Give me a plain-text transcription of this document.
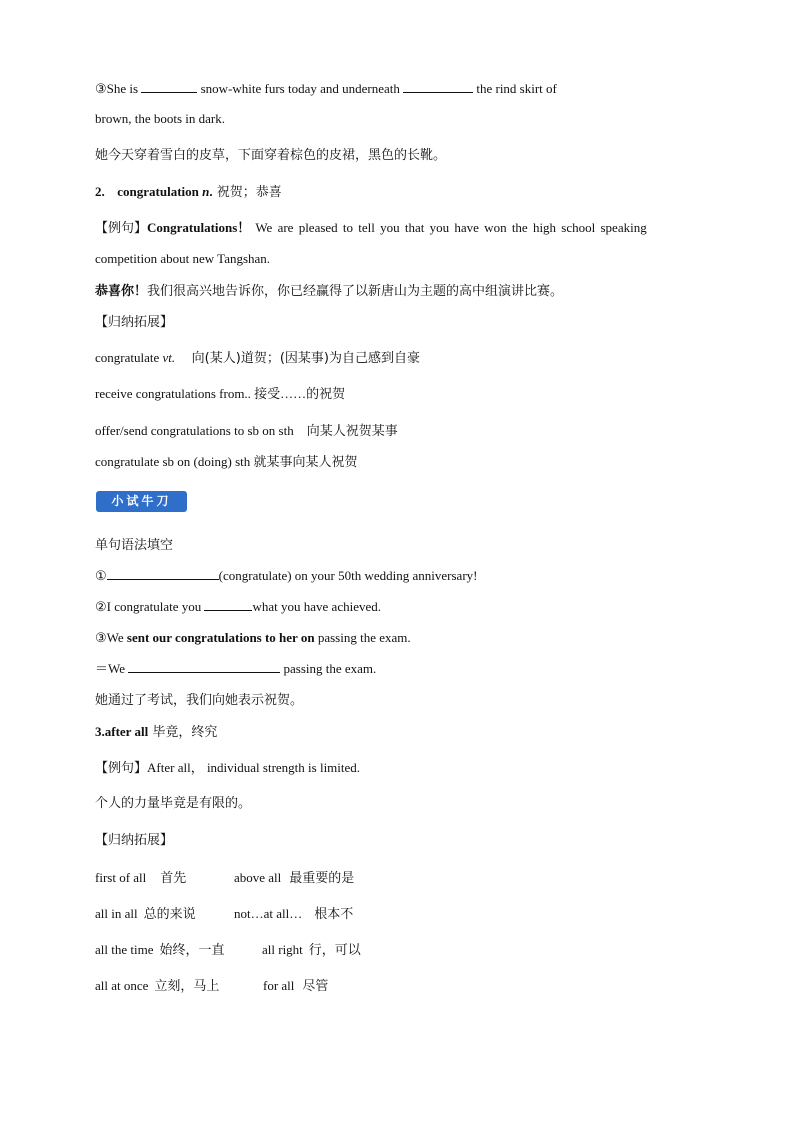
③She is	snow-white furs today and underneath	the rind skirt of
brown, the boots in dark.
她今天穿着雪白的皮草，下面穿着棕色的皮裙，黑色的长靴。
2. congratulation n. 祝贺；恭喜
【例句】Congratulations！ We are pleased to tell you that you have won the high school speaking
competition about new Tangshan.
恭喜你！我们很高兴地告诉你，你已经赢得了以新唐山为主题的高中组演讲比赛。
【归纳拓展】
congratulate vt.    向(某人)道贺；(因某事)为自己感到自豪
receive congratulations from.. 接受……的祝贺
offer/send congratulations to sb on sth    向某人祝贺某事
congratulate sb on (doing) sth 就某事向某人祝贺
小试牛刀
单句语法填空
①	(congratulate) on your 50th wedding anniversary!
②I congratulate you	what you have achieved.
③We sent our congratulations to her on passing the exam.
＝We	passing the exam.
她通过了考试，我们向她表示祝贺。
3.after all 毕竟，终究
【例句】After all， individual strength is limited.
个人的力量毕竟是有限的。
【归纳拓展】
first of all 首先	above all 最重要的是
all in all 总的来说	not…at all… 根本不
all the time 始终，一直	all right 行，可以
all at once 立刻，马上	for all 尽管
